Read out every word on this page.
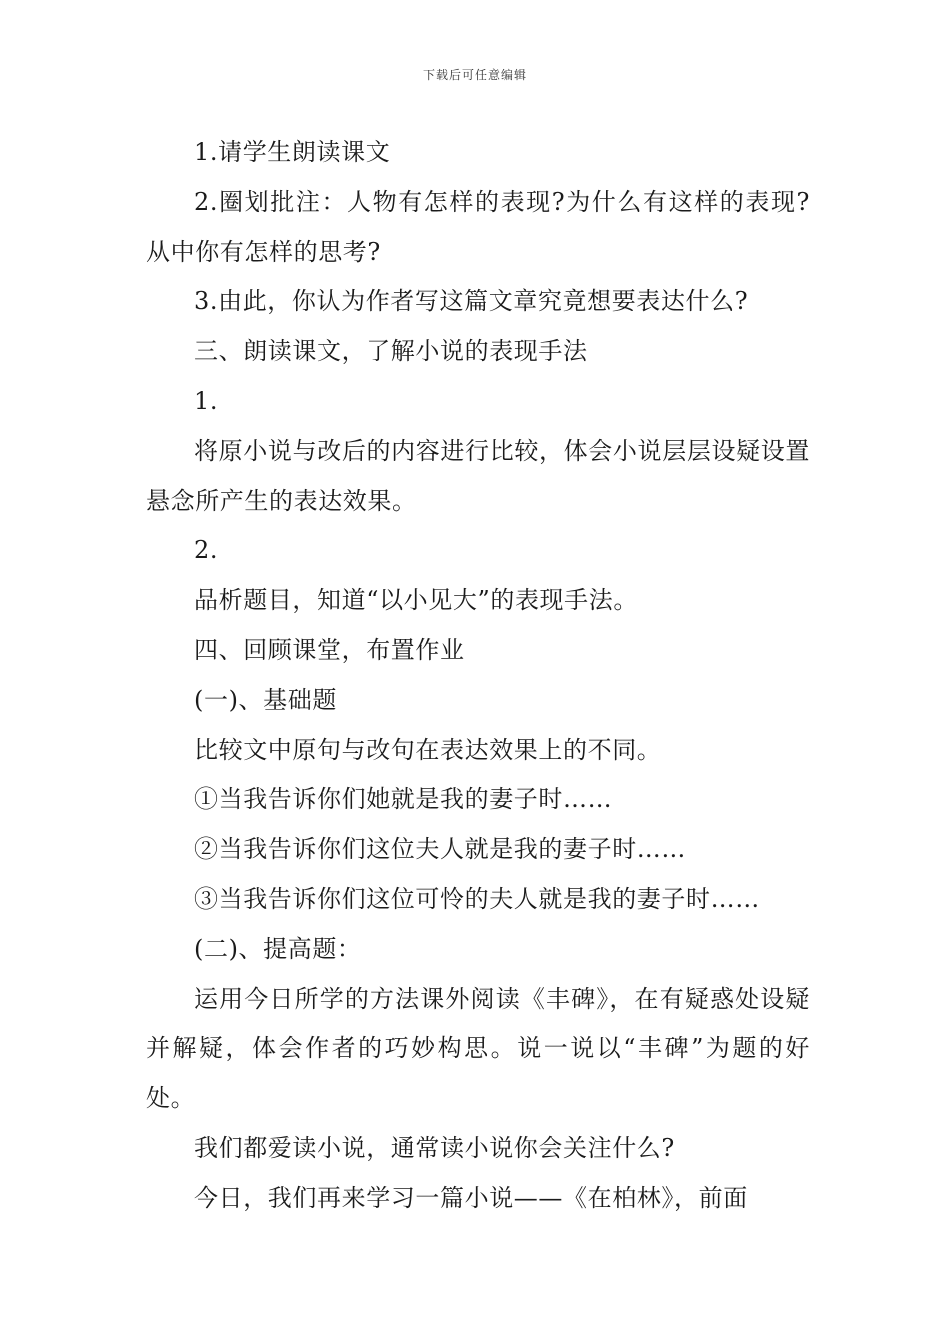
下载后可任意编辑

1.请学生朗读课文

2.圈划批注：人物有怎样的表现?为什么有这样的表现?从中你有怎样的思考?

3.由此，你认为作者写这篇文章究竟想要表达什么?

三、朗读课文，了解小说的表现手法

1.

将原小说与改后的内容进行比较，体会小说层层设疑设置悬念所产生的表达效果。

2.

品析题目，知道“以小见大”的表现手法。

四、回顾课堂，布置作业

(一)、基础题

比较文中原句与改句在表达效果上的不同。

①当我告诉你们她就是我的妻子时……

②当我告诉你们这位夫人就是我的妻子时……

③当我告诉你们这位可怜的夫人就是我的妻子时……

(二)、提高题：

运用今日所学的方法课外阅读《丰碑》，在有疑惑处设疑并解疑，体会作者的巧妙构思。说一说以“丰碑”为题的好处。

我们都爱读小说，通常读小说你会关注什么?

今日，我们再来学习一篇小说——《在柏林》，前面
